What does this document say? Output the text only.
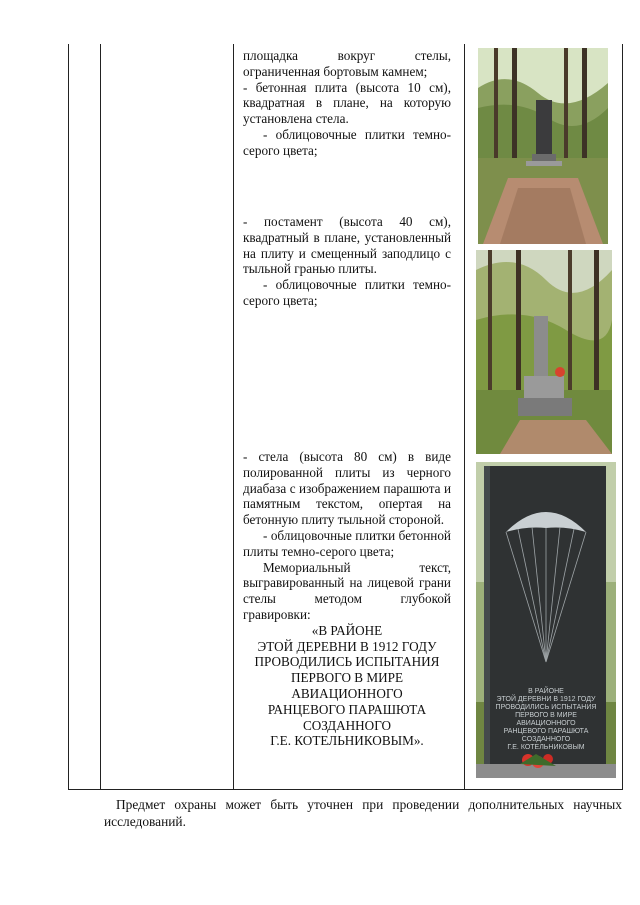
площадка вокруг стелы, ограниченная бортовым камнем;

- бетонная плита (высота 10 см), квадратная в плане, на которую установлена стела.

- облицовочные плитки темно-серого цвета;

- постамент (высота 40 см), квадратный в плане, установленный на плиту и смещенный заподлицо с тыльной гранью плиты.

- облицовочные плитки темно-серого цвета;

- стела (высота 80 см) в виде полированной плиты из черного диабаза с изображением парашюта и памятным текстом, опертая на бетонную плиту тыльной стороной.

- облицовочные плитки бетонной плиты темно-серого цвета;

Мемориальный текст, выгравированный на лицевой грани стелы методом глубокой гравировки:

«В РАЙОНЕ

ЭТОЙ ДЕРЕВНИ В 1912 ГОДУ

ПРОВОДИЛИСЬ ИСПЫТАНИЯ

ПЕРВОГО В МИРЕ

АВИАЦИОННОГО

РАНЦЕВОГО ПАРАШЮТА

СОЗДАННОГО

Г.Е. КОТЕЛЬНИКОВЫМ».

В РАЙОНЕ
ЭТОЙ ДЕРЕВНИ В 1912 ГОДУ
ПРОВОДИЛИСЬ ИСПЫТАНИЯ
ПЕРВОГО В МИРЕ
АВИАЦИОННОГО
РАНЦЕВОГО ПАРАШЮТА
СОЗДАННОГО
Г.Е. КОТЕЛЬНИКОВЫМ

Предмет охраны может быть уточнен при проведении дополнительных научных исследований.
